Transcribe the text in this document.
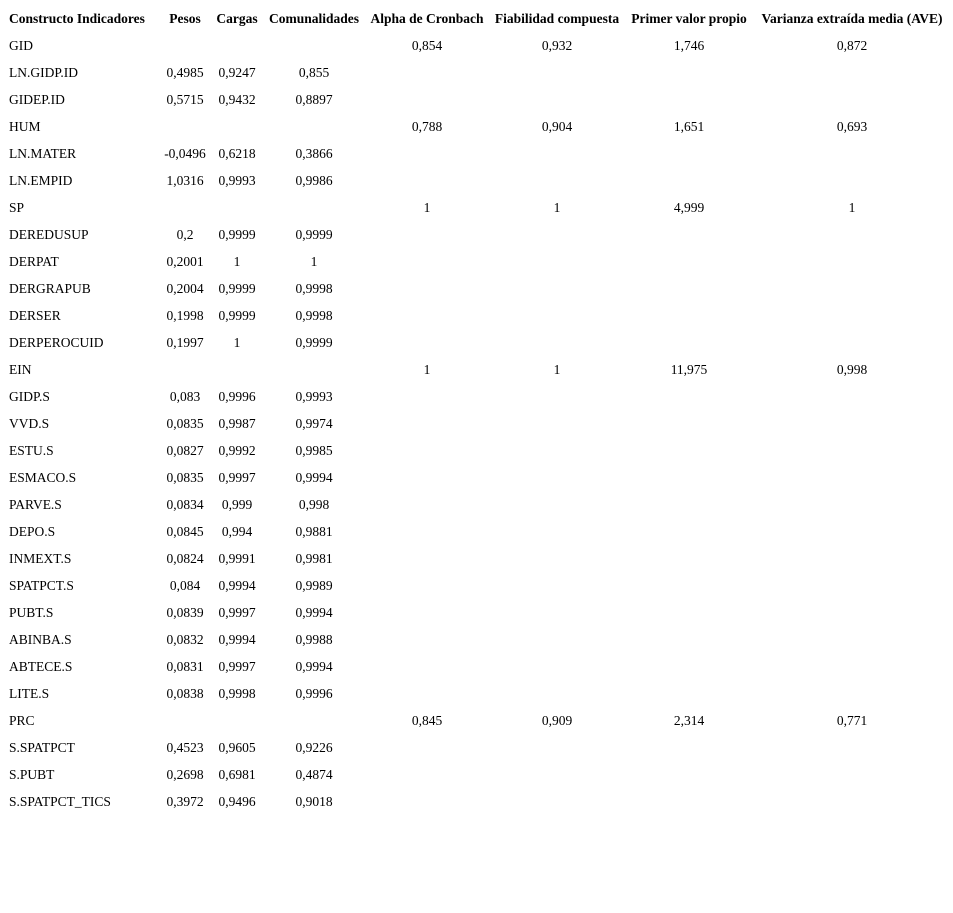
Constructo Indicadores	Pesos	Cargas	Comunalidades	Alpha de Cronbach	Fiabilidad compuesta	Primer valor propio	Varianza extraída media (AVE)
GID				0,854	0,932	1,746	0,872
LN.GIDP.ID	0,4985	0,9247	0,855				
GIDEP.ID	0,5715	0,9432	0,8897				
HUM				0,788	0,904	1,651	0,693
LN.MATER	-0,0496	0,6218	0,3866				
LN.EMPID	1,0316	0,9993	0,9986				
SP				1	1	4,999	1
DEREDUSUP	0,2	0,9999	0,9999				
DERPAT	0,2001	1	1				
DERGRAPUB	0,2004	0,9999	0,9998				
DERSER	0,1998	0,9999	0,9998				
DERPEROCUID	0,1997	1	0,9999				
EIN				1	1	11,975	0,998
GIDP.S	0,083	0,9996	0,9993				
VVD.S	0,0835	0,9987	0,9974				
ESTU.S	0,0827	0,9992	0,9985				
ESMACO.S	0,0835	0,9997	0,9994				
PARVE.S	0,0834	0,999	0,998				
DEPO.S	0,0845	0,994	0,9881				
INMEXT.S	0,0824	0,9991	0,9981				
SPATPCT.S	0,084	0,9994	0,9989				
PUBT.S	0,0839	0,9997	0,9994				
ABINBA.S	0,0832	0,9994	0,9988				
ABTECE.S	0,0831	0,9997	0,9994				
LITE.S	0,0838	0,9998	0,9996				
PRC				0,845	0,909	2,314	0,771
S.SPATPCT	0,4523	0,9605	0,9226				
S.PUBT	0,2698	0,6981	0,4874				
S.SPATPCT_TICS	0,3972	0,9496	0,9018				
